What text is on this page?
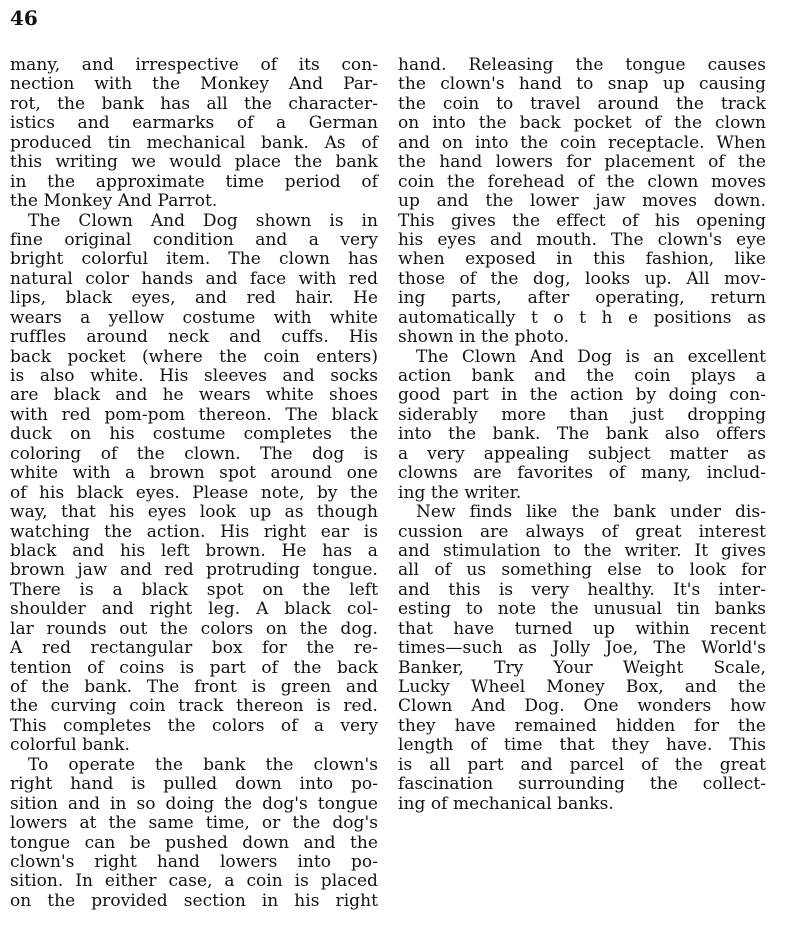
46
many, and irrespective of its con-
nection with the Monkey And Par-
rot, the bank has all the character-
istics and earmarks of a German
produced tin mechanical bank. As of
this writing we would place the bank
in the approximate time period of
the Monkey And Parrot.
The Clown And Dog shown is in
fine original condition and a very
bright colorful item. The clown has
natural color hands and face with red
lips, black eyes, and red hair. He
wears a yellow costume with white
ruffles around neck and cuffs. His
back pocket (where the coin enters)
is also white. His sleeves and socks
are black and he wears white shoes
with red pom-pom thereon. The black
duck on his costume completes the
coloring of the clown. The dog is
white with a brown spot around one
of his black eyes. Please note, by the
way, that his eyes look up as though
watching the action. His right ear is
black and his left brown. He has a
brown jaw and red protruding tongue.
There is a black spot on the left
shoulder and right leg. A black col-
lar rounds out the colors on the dog.
A red rectangular box for the re-
tention of coins is part of the back
of the bank. The front is green and
the curving coin track thereon is red.
This completes the colors of a very
colorful bank.
To operate the bank the clown's
right hand is pulled down into po-
sition and in so doing the dog's tongue
lowers at the same time, or the dog's
tongue can be pushed down and the
clown's right hand lowers into po-
sition. In either case, a coin is placed
on the provided section in his right
hand. Releasing the tongue causes
the clown's hand to snap up causing
the coin to travel around the track
on into the back pocket of the clown
and on into the coin receptacle. When
the hand lowers for placement of the
coin the forehead of the clown moves
up and the lower jaw moves down.
This gives the effect of his opening
his eyes and mouth. The clown's eye
when exposed in this fashion, like
those of the dog, looks up. All mov-
ing parts, after operating, return
automatically t o t h e positions as
shown in the photo.
The Clown And Dog is an excellent
action bank and the coin plays a
good part in the action by doing con-
siderably more than just dropping
into the bank. The bank also offers
a very appealing subject matter as
clowns are favorites of many, includ-
ing the writer.
New finds like the bank under dis-
cussion are always of great interest
and stimulation to the writer. It gives
all of us something else to look for
and this is very healthy. It's inter-
esting to note the unusual tin banks
that have turned up within recent
times—such as Jolly Joe, The World's
Banker, Try Your Weight Scale,
Lucky Wheel Money Box, and the
Clown And Dog. One wonders how
they have remained hidden for the
length of time that they have. This
is all part and parcel of the great
fascination surrounding the collect-
ing of mechanical banks.
